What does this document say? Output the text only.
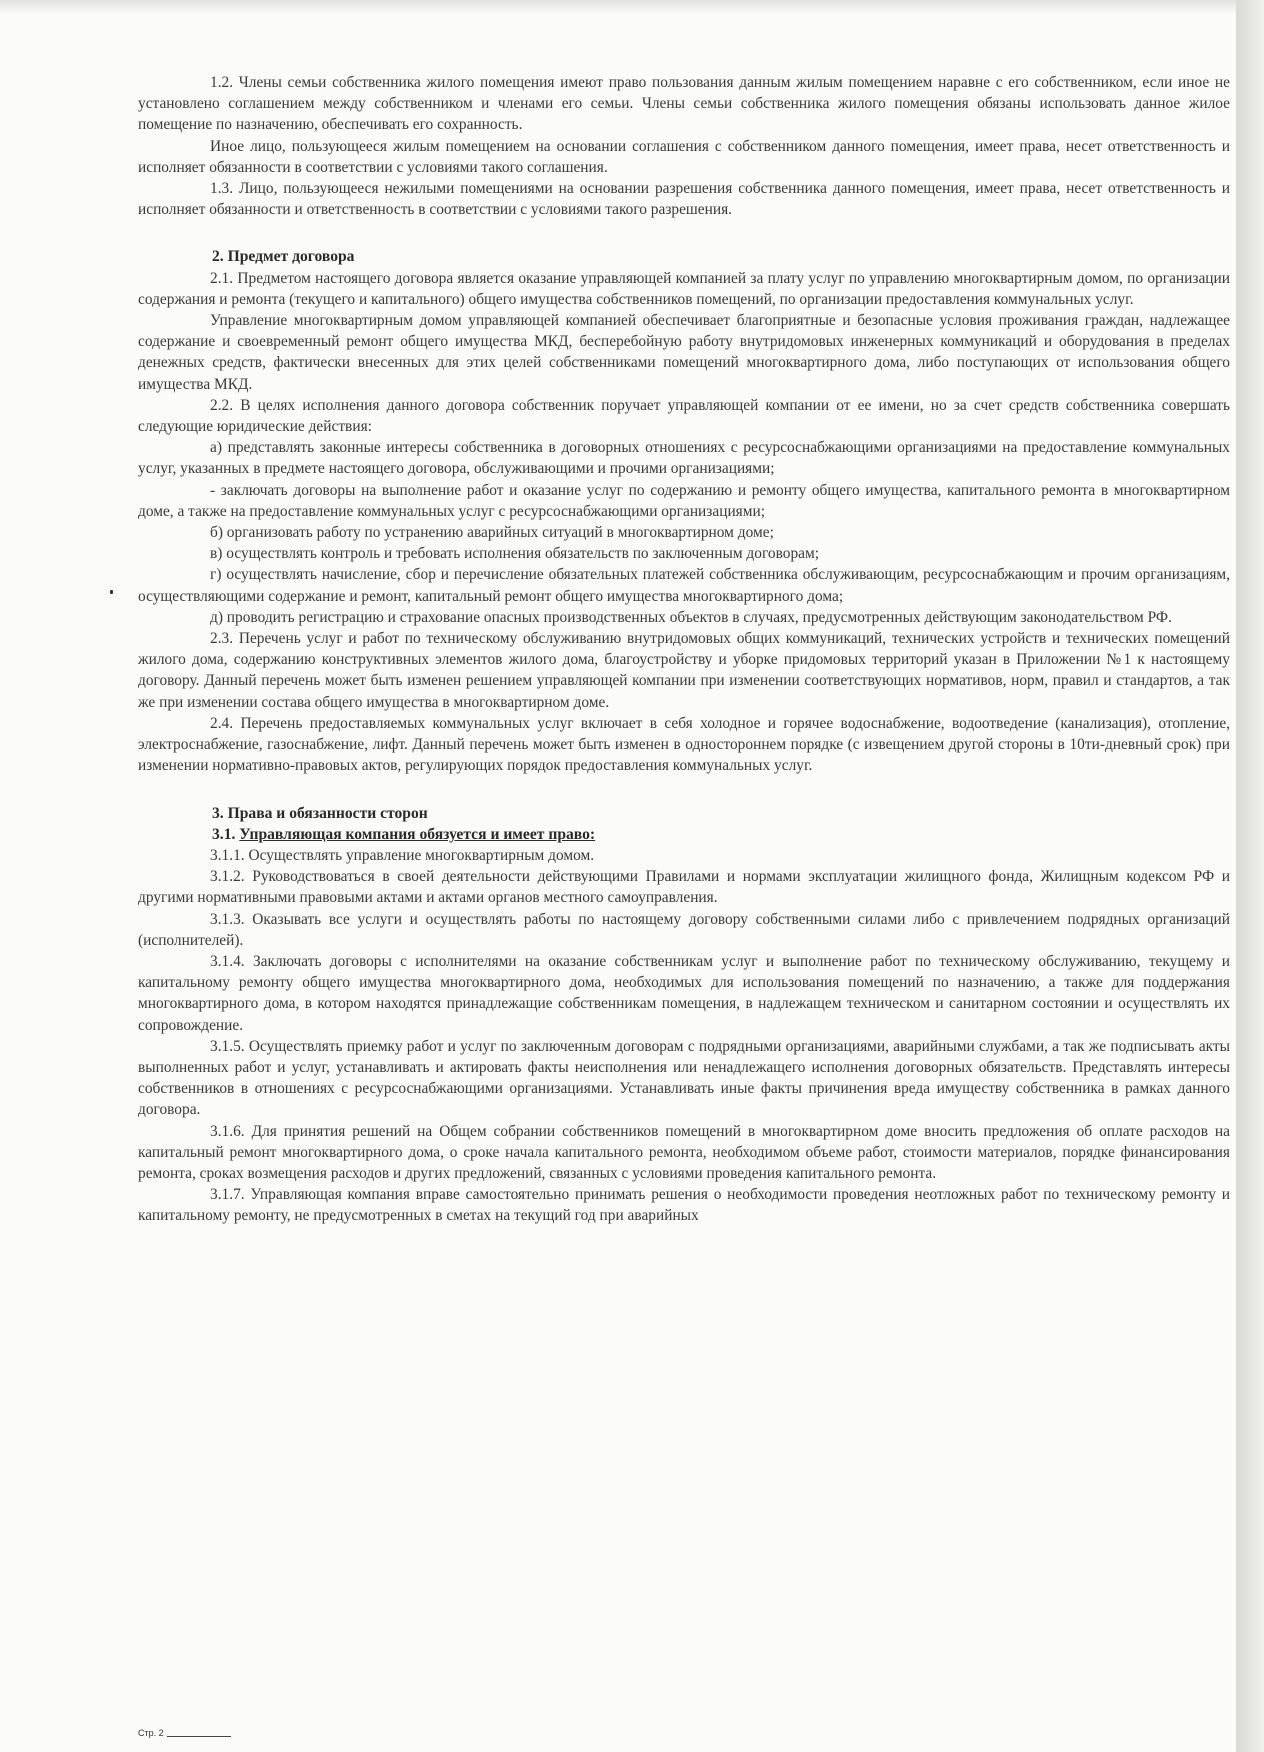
1.2. Члены семьи собственника жилого помещения имеют право пользования данным жилым помещением наравне с его собственником, если иное не установлено соглашением между собственником и членами его семьи. Члены семьи собственника жилого помещения обязаны использовать данное жилое помещение по назначению, обеспечивать его сохранность.

Иное лицо, пользующееся жилым помещением на основании соглашения с собственником данного помещения, имеет права, несет ответственность и исполняет обязанности в соответствии с условиями такого соглашения.

1.3. Лицо, пользующееся нежилыми помещениями на основании разрешения собственника данного помещения, имеет права, несет ответственность и исполняет обязанности и ответственность в соответствии с условиями такого разрешения.

2. Предмет договора

2.1. Предметом настоящего договора является оказание управляющей компанией за плату услуг по управлению многоквартирным домом, по организации содержания и ремонта (текущего и капитального) общего имущества собственников помещений, по организации предоставления коммунальных услуг.

Управление многоквартирным домом управляющей компанией обеспечивает благоприятные и безопасные условия проживания граждан, надлежащее содержание и своевременный ремонт общего имущества МКД, бесперебойную работу внутридомовых инженерных коммуникаций и оборудования в пределах денежных средств, фактически внесенных для этих целей собственниками помещений многоквартирного дома, либо поступающих от использования общего имущества МКД.

2.2. В целях исполнения данного договора собственник поручает управляющей компании от ее имени, но за счет средств собственника совершать следующие юридические действия:

а) представлять законные интересы собственника в договорных отношениях с ресурсоснабжающими организациями на предоставление коммунальных услуг, указанных в предмете настоящего договора, обслуживающими и прочими организациями;

- заключать договоры на выполнение работ и оказание услуг по содержанию и ремонту общего имущества, капитального ремонта в многоквартирном доме, а также на предоставление коммунальных услуг с ресурсоснабжающими организациями;

б) организовать работу по устранению аварийных ситуаций в многоквартирном доме;

в) осуществлять контроль и требовать исполнения обязательств по заключенным договорам;

г) осуществлять начисление, сбор и перечисление обязательных платежей собственника обслуживающим, ресурсоснабжающим и прочим организациям, осуществляющими содержание и ремонт, капитальный ремонт общего имущества многоквартирного дома;

д) проводить регистрацию и страхование опасных производственных объектов в случаях, предусмотренных действующим законодательством РФ.

2.3. Перечень услуг и работ по техническому обслуживанию внутридомовых общих коммуникаций, технических устройств и технических помещений жилого дома, содержанию конструктивных элементов жилого дома, благоустройству и уборке придомовых территорий указан в Приложении №1 к настоящему договору. Данный перечень может быть изменен решением управляющей компании при изменении соответствующих нормативов, норм, правил и стандартов, а так же при изменении состава общего имущества в многоквартирном доме.

2.4. Перечень предоставляемых коммунальных услуг включает в себя холодное и горячее водоснабжение, водоотведение (канализация), отопление, электроснабжение, газоснабжение, лифт. Данный перечень может быть изменен в одностороннем порядке (с извещением другой стороны в 10ти-дневный срок) при изменении нормативно-правовых актов, регулирующих порядок предоставления коммунальных услуг.

3. Права и обязанности сторон
3.1. Управляющая компания обязуется и имеет право:

3.1.1. Осуществлять управление многоквартирным домом.

3.1.2. Руководствоваться в своей деятельности действующими Правилами и нормами эксплуатации жилищного фонда, Жилищным кодексом РФ и другими нормативными правовыми актами и актами органов местного самоуправления.

3.1.3. Оказывать все услуги и осуществлять работы по настоящему договору собственными силами либо с привлечением подрядных организаций (исполнителей).

3.1.4. Заключать договоры с исполнителями на оказание собственникам услуг и выполнение работ по техническому обслуживанию, текущему и капитальному ремонту общего имущества многоквартирного дома, необходимых для использования помещений по назначению, а также для поддержания многоквартирного дома, в котором находятся принадлежащие собственникам помещения, в надлежащем техническом и санитарном состоянии и осуществлять их сопровождение.

3.1.5. Осуществлять приемку работ и услуг по заключенным договорам с подрядными организациями, аварийными службами, а так же подписывать акты выполненных работ и услуг, устанавливать и актировать факты неисполнения или ненадлежащего исполнения договорных обязательств. Представлять интересы собственников в отношениях с ресурсоснабжающими организациями. Устанавливать иные факты причинения вреда имуществу собственника в рамках данного договора.

3.1.6. Для принятия решений на Общем собрании собственников помещений в многоквартирном доме вносить предложения об оплате расходов на капитальный ремонт многоквартирного дома, о сроке начала капитального ремонта, необходимом объеме работ, стоимости материалов, порядке финансирования ремонта, сроках возмещения расходов и других предложений, связанных с условиями проведения капитального ремонта.

3.1.7. Управляющая компания вправе самостоятельно принимать решения о необходимости проведения неотложных работ по техническому ремонту и капитальному ремонту, не предусмотренных в сметах на текущий год при аварийных

Стр. 2
